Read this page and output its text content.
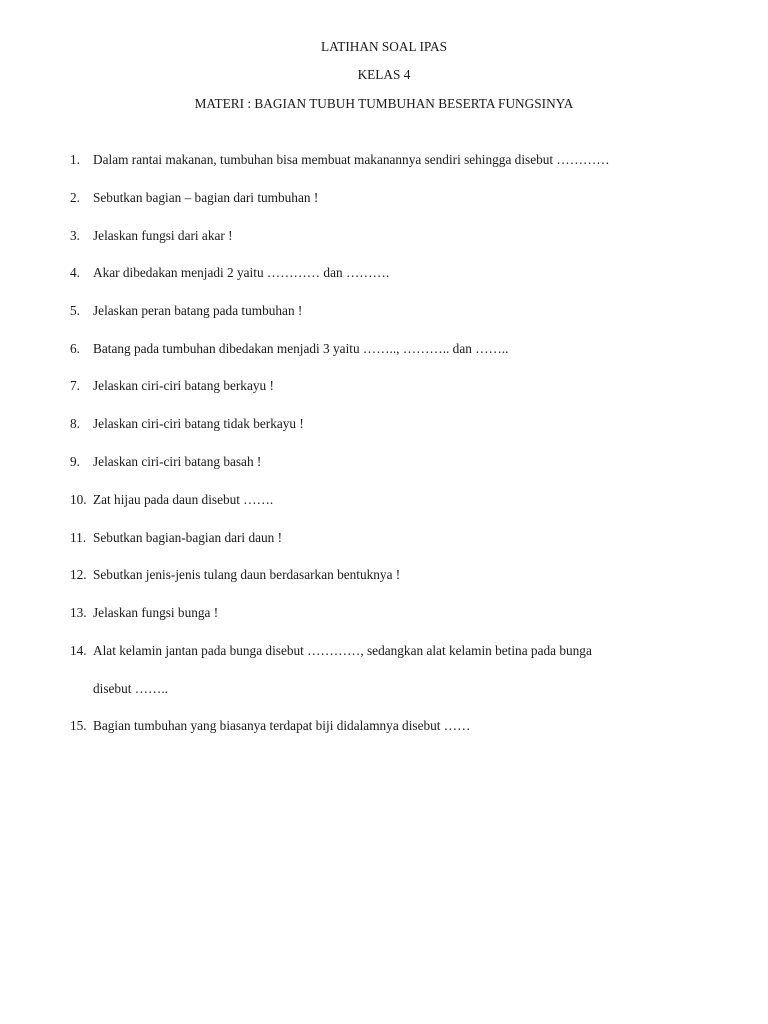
LATIHAN SOAL IPAS
KELAS 4
MATERI : BAGIAN TUBUH TUMBUHAN BESERTA FUNGSINYA
1. Dalam rantai makanan, tumbuhan bisa membuat makanannya sendiri sehingga disebut …………
2. Sebutkan bagian – bagian dari tumbuhan !
3. Jelaskan fungsi dari akar !
4. Akar dibedakan menjadi 2 yaitu ………… dan ……….
5. Jelaskan peran batang pada tumbuhan !
6. Batang pada tumbuhan dibedakan menjadi 3 yaitu …….., ……….. dan ……..
7. Jelaskan ciri-ciri batang berkayu !
8. Jelaskan ciri-ciri batang tidak berkayu !
9. Jelaskan ciri-ciri batang basah !
10. Zat hijau pada daun disebut …….
11. Sebutkan bagian-bagian dari daun !
12. Sebutkan jenis-jenis tulang daun berdasarkan bentuknya !
13. Jelaskan fungsi bunga !
14. Alat kelamin jantan pada bunga disebut …………, sedangkan alat kelamin betina pada bunga
disebut ……..
15. Bagian tumbuhan yang biasanya terdapat biji didalamnya disebut ……
